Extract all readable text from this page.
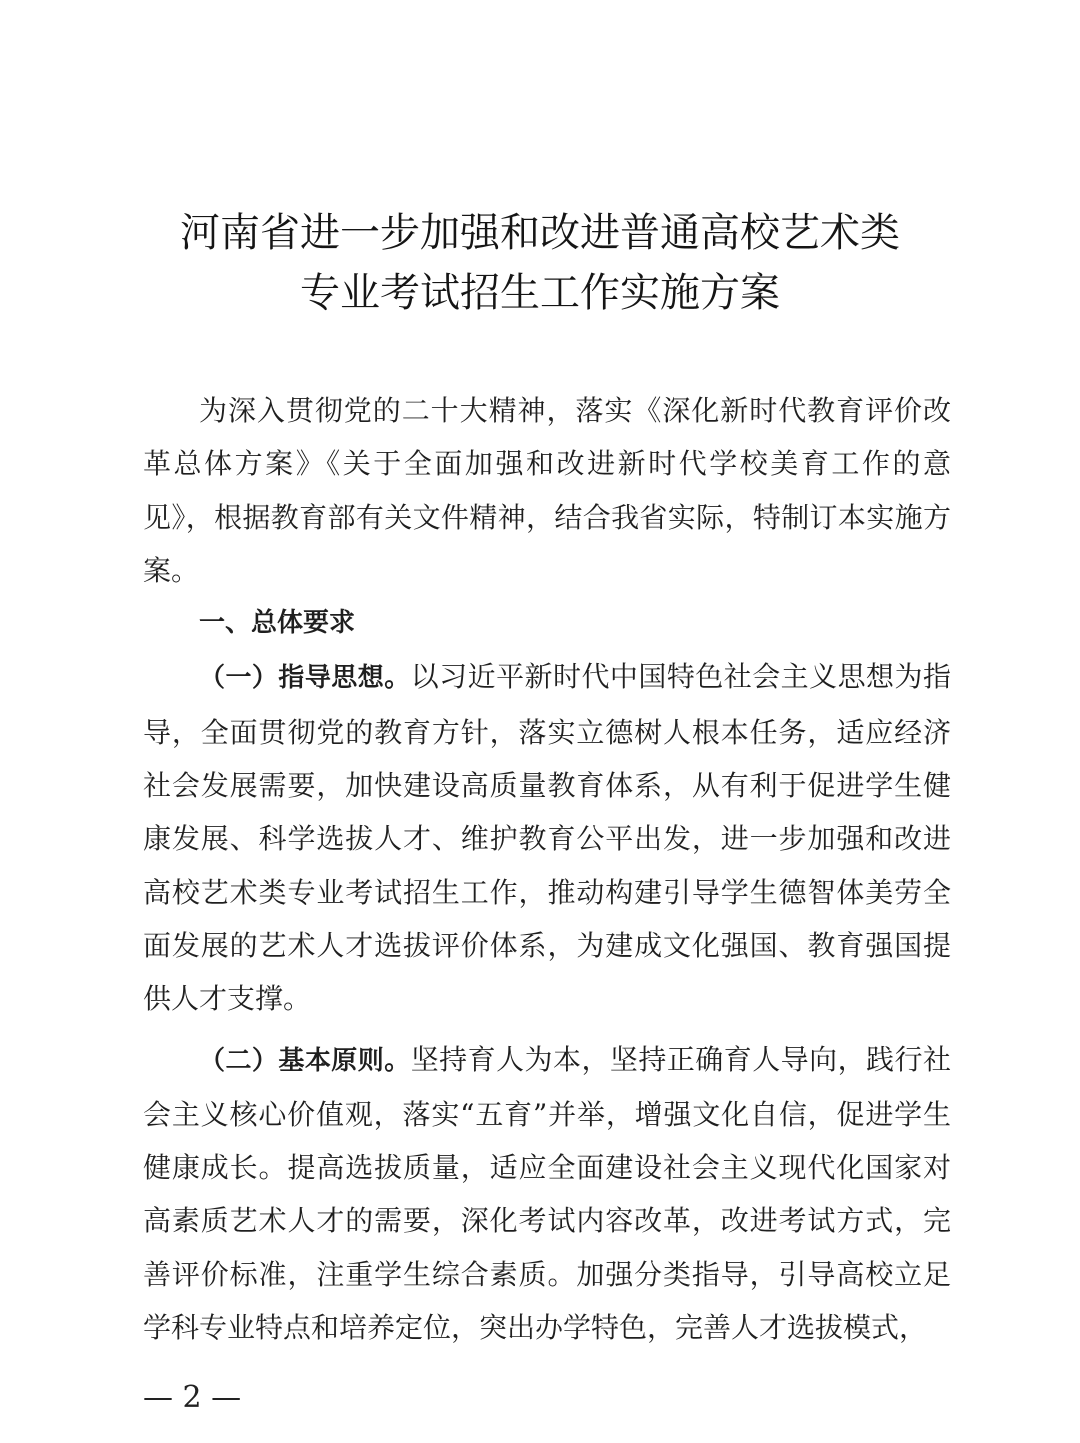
河南省进一步加强和改进普通高校艺术类
专业考试招生工作实施方案

为深入贯彻党的二十大精神，落实《深化新时代教育评价改革总体方案》《关于全面加强和改进新时代学校美育工作的意见》，根据教育部有关文件精神，结合我省实际，特制订本实施方案。

一、总体要求

（一）指导思想。以习近平新时代中国特色社会主义思想为指导，全面贯彻党的教育方针，落实立德树人根本任务，适应经济社会发展需要，加快建设高质量教育体系，从有利于促进学生健康发展、科学选拔人才、维护教育公平出发，进一步加强和改进高校艺术类专业考试招生工作，推动构建引导学生德智体美劳全面发展的艺术人才选拔评价体系，为建成文化强国、教育强国提供人才支撑。

（二）基本原则。坚持育人为本，坚持正确育人导向，践行社会主义核心价值观，落实“五育”并举，增强文化自信，促进学生健康成长。提高选拔质量，适应全面建设社会主义现代化国家对高素质艺术人才的需要，深化考试内容改革，改进考试方式，完善评价标准，注重学生综合素质。加强分类指导，引导高校立足学科专业特点和培养定位，突出办学特色，完善人才选拔模式，

— 2 —
